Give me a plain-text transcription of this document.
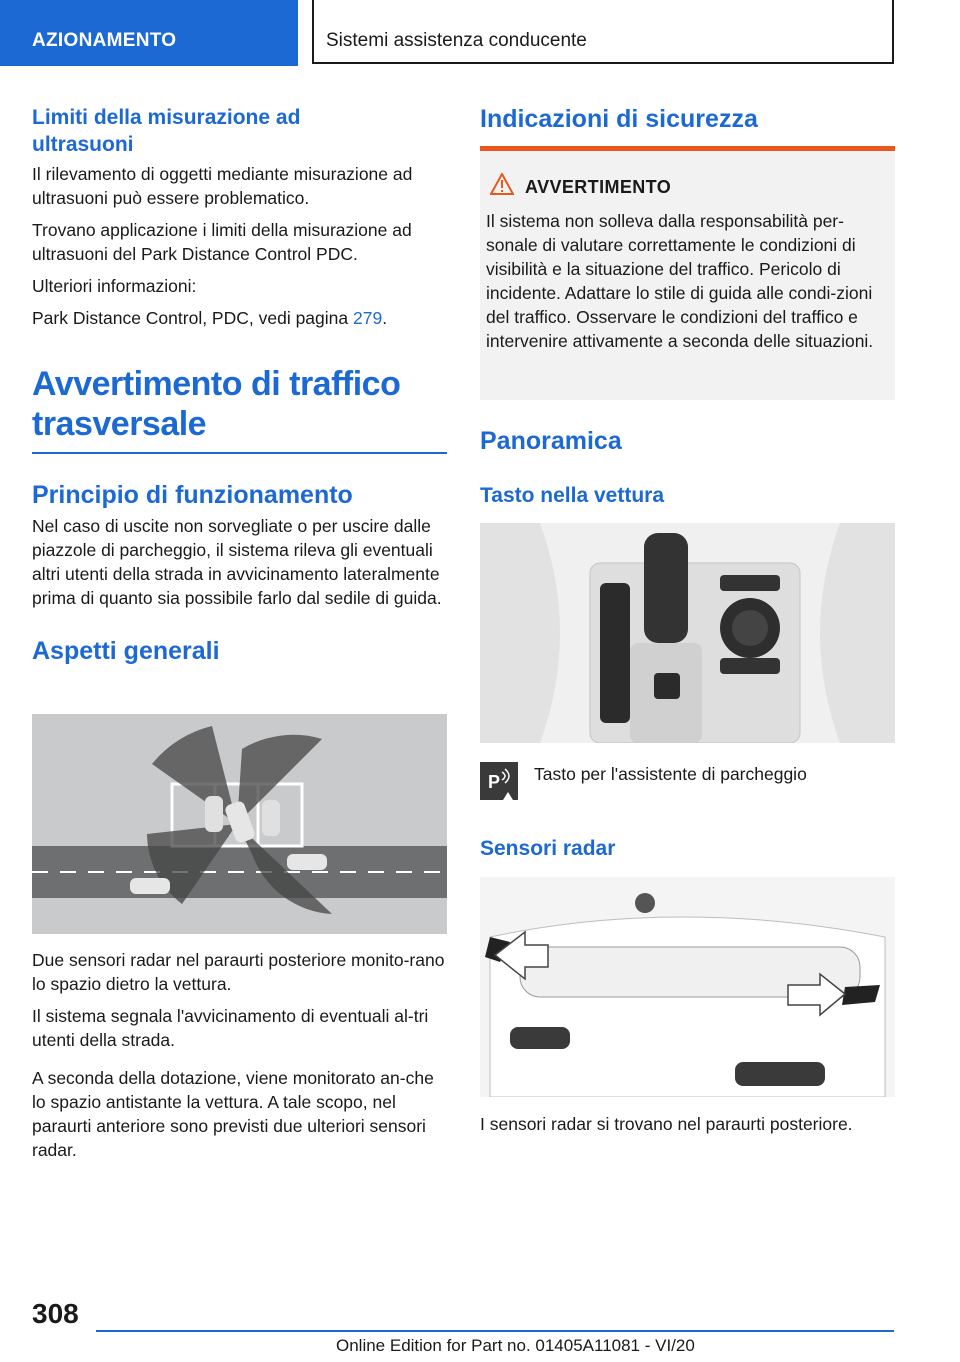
AZIONAMENTO	Sistemi assistenza conducente
Limiti della misurazione ad ultrasuoni

Il rilevamento di oggetti mediante misurazione ad ultrasuoni può essere problematico.

Trovano applicazione i limiti della misurazione ad ultrasuoni del Park Distance Control PDC.

Ulteriori informazioni:

Park Distance Control, PDC, vedi pagina 279.

Avvertimento di traffico
trasversale
Principio di funzionamento

Nel caso di uscite non sorvegliate o per uscire dalle piazzole di parcheggio, il sistema rileva gli eventuali altri utenti della strada in avvicinamento lateralmente prima di quanto sia possibile farlo dal sedile di guida.

Aspetti generali

Due sensori radar nel paraurti posteriore monito-rano lo spazio dietro la vettura.

Il sistema segnala l'avvicinamento di eventuali al-tri utenti della strada.

A seconda della dotazione, viene monitorato an-che lo spazio antistante la vettura. A tale scopo, nel paraurti anteriore sono previsti due ulteriori sensori radar.

Indicazioni di sicurezza
AVVERTIMENTO

Il sistema non solleva dalla responsabilità per-sonale di valutare correttamente le condizioni di visibilità e la situazione del traffico. Pericolo di incidente. Adattare lo stile di guida alle condi-zioni del traffico. Osservare le condizioni del traffico e intervenire attivamente a seconda delle situazioni.

Panoramica
Tasto nella vettura
P Tasto per l'assistente di parcheggio

Sensori radar

I sensori radar si trovano nel paraurti posteriore.

308
Online Edition for Part no. 01405A11081 - VI/20
